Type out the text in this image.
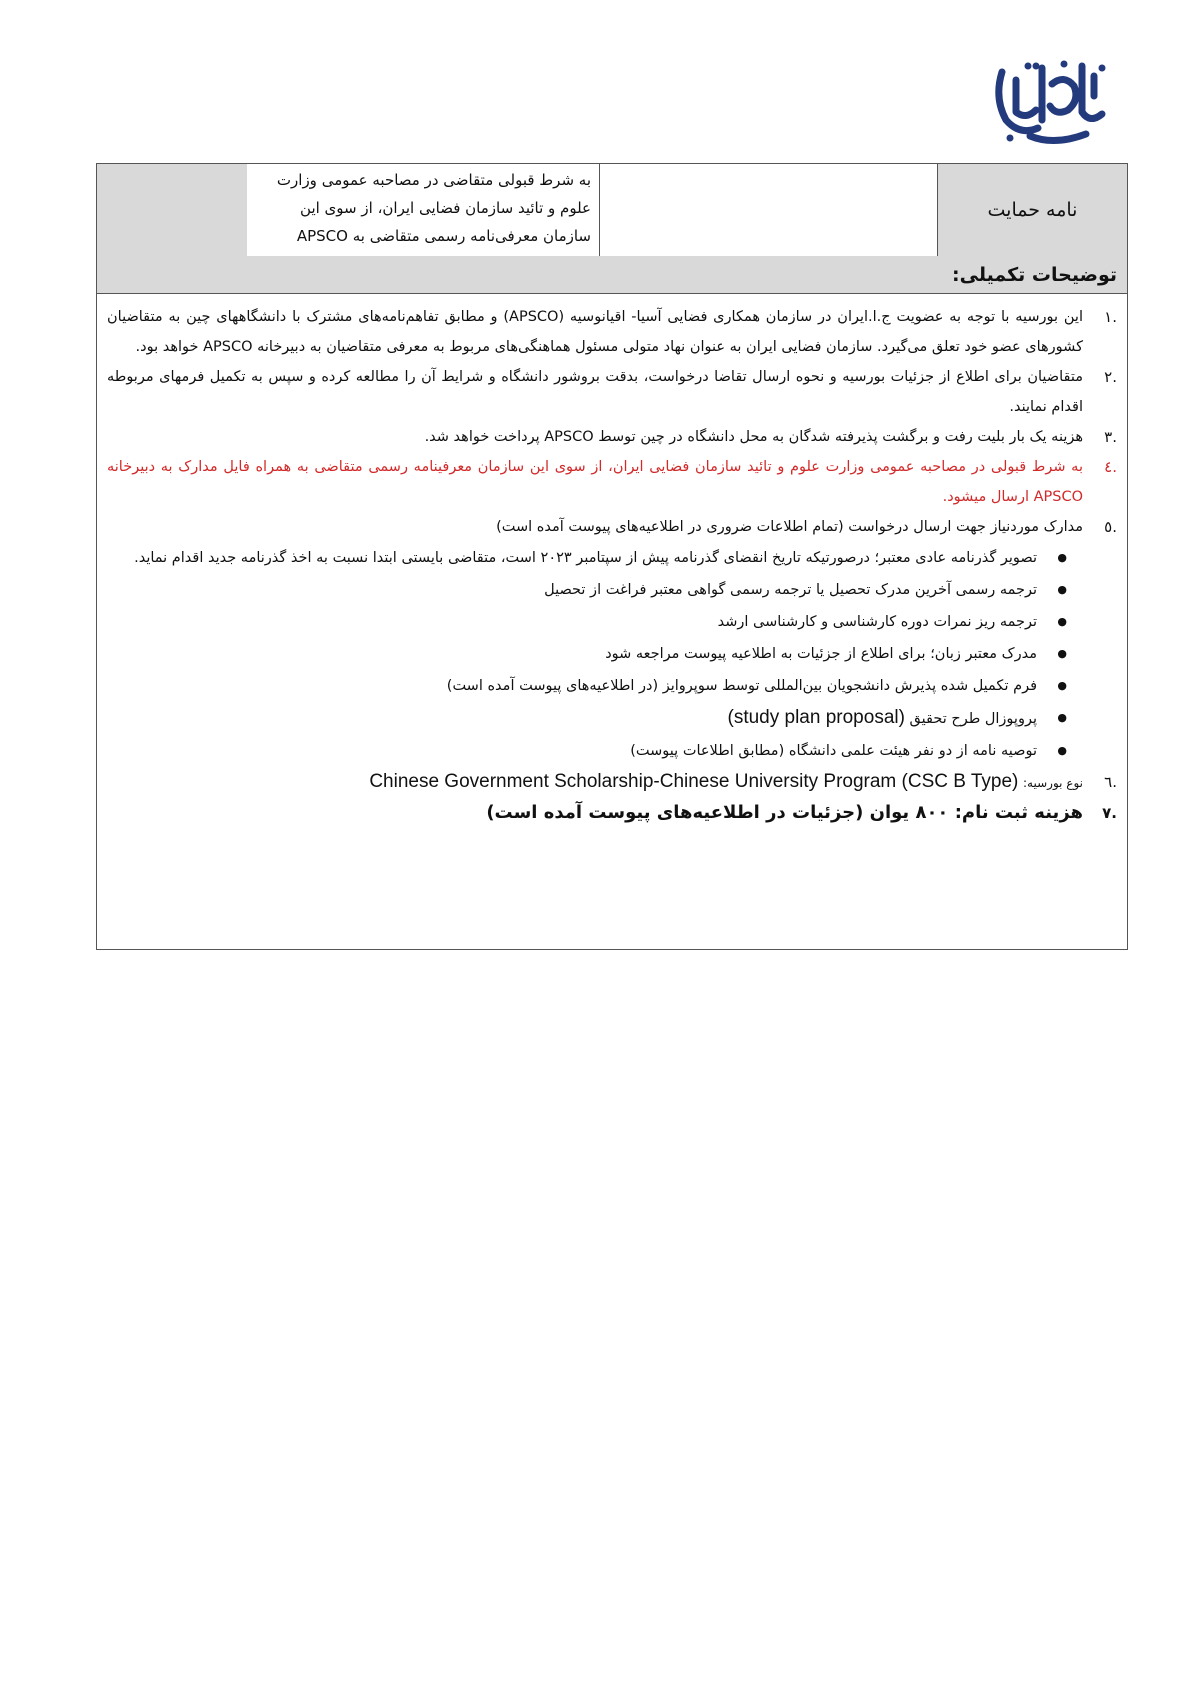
نامه حمایت
به شرط قبولی متقاضی در مصاحبه عمومی وزارت علوم و تائید سازمان فضایی ایران، از سوی این سازمان معرفی‌نامه رسمی متقاضی به APSCO
توضیحات تکمیلی:
.١
این بورسیه با توجه به عضویت ج.ا.ایران در سازمان همکاری فضایی آسیا- اقیانوسیه (APSCO) و مطابق تفاهم‌نامه‌های مشترک با دانشگاههای چین به متقاضیان کشورهای عضو خود تعلق می‌گیرد. سازمان فضایی ایران به عنوان نهاد متولی مسئول هماهنگی‌های مربوط به معرفی متقاضیان به دبیرخانه APSCO خواهد بود.
.٢
متقاضیان برای اطلاع از جزئیات بورسیه و نحوه ارسال تقاضا درخواست، بدقت بروشور دانشگاه و شرایط آن را مطالعه کرده و سپس به تکمیل فرمهای مربوطه اقدام نمایند.
.٣
هزینه یک بار بلیت رفت و برگشت پذیرفته شدگان به محل دانشگاه در چین توسط APSCO پرداخت خواهد شد.
.٤
به شرط قبولی در مصاحبه عمومی وزارت علوم و تائید سازمان فضایی ایران، از سوی این سازمان معرفینامه رسمی متقاضی به همراه فایل مدارک به دبیرخانه APSCO ارسال میشود.
.٥
مدارک موردنیاز جهت ارسال درخواست (تمام اطلاعات ضروری در اطلاعیه‌های پیوست آمده است)
● تصویر گذرنامه عادی معتبر؛ درصورتیکه تاریخ انقضای گذرنامه پیش از سپتامبر ۲۰۲۳ است، متقاضی بایستی ابتدا نسبت به اخذ گذرنامه جدید اقدام نماید.
● ترجمه رسمی آخرین مدرک تحصیل یا ترجمه رسمی گواهی معتبر فراغت از تحصیل
● ترجمه ریز نمرات دوره کارشناسی و کارشناسی ارشد
● مدرک معتبر زبان؛ برای اطلاع از جزئیات به اطلاعیه پیوست مراجعه شود
● فرم تکمیل شده پذیرش دانشجویان بین‌المللی توسط سوپروایز (در اطلاعیه‌های پیوست آمده است)
● پروپوزال طرح تحقیق (study plan proposal)
● توصیه نامه از دو نفر هیئت علمی دانشگاه (مطابق اطلاعات پیوست)
.٦
نوع بورسیه: Chinese Government Scholarship-Chinese University Program (CSC B Type)
.٧
هزینه ثبت نام: ۸۰۰ یوان (جزئیات در اطلاعیه‌های پیوست آمده است)
